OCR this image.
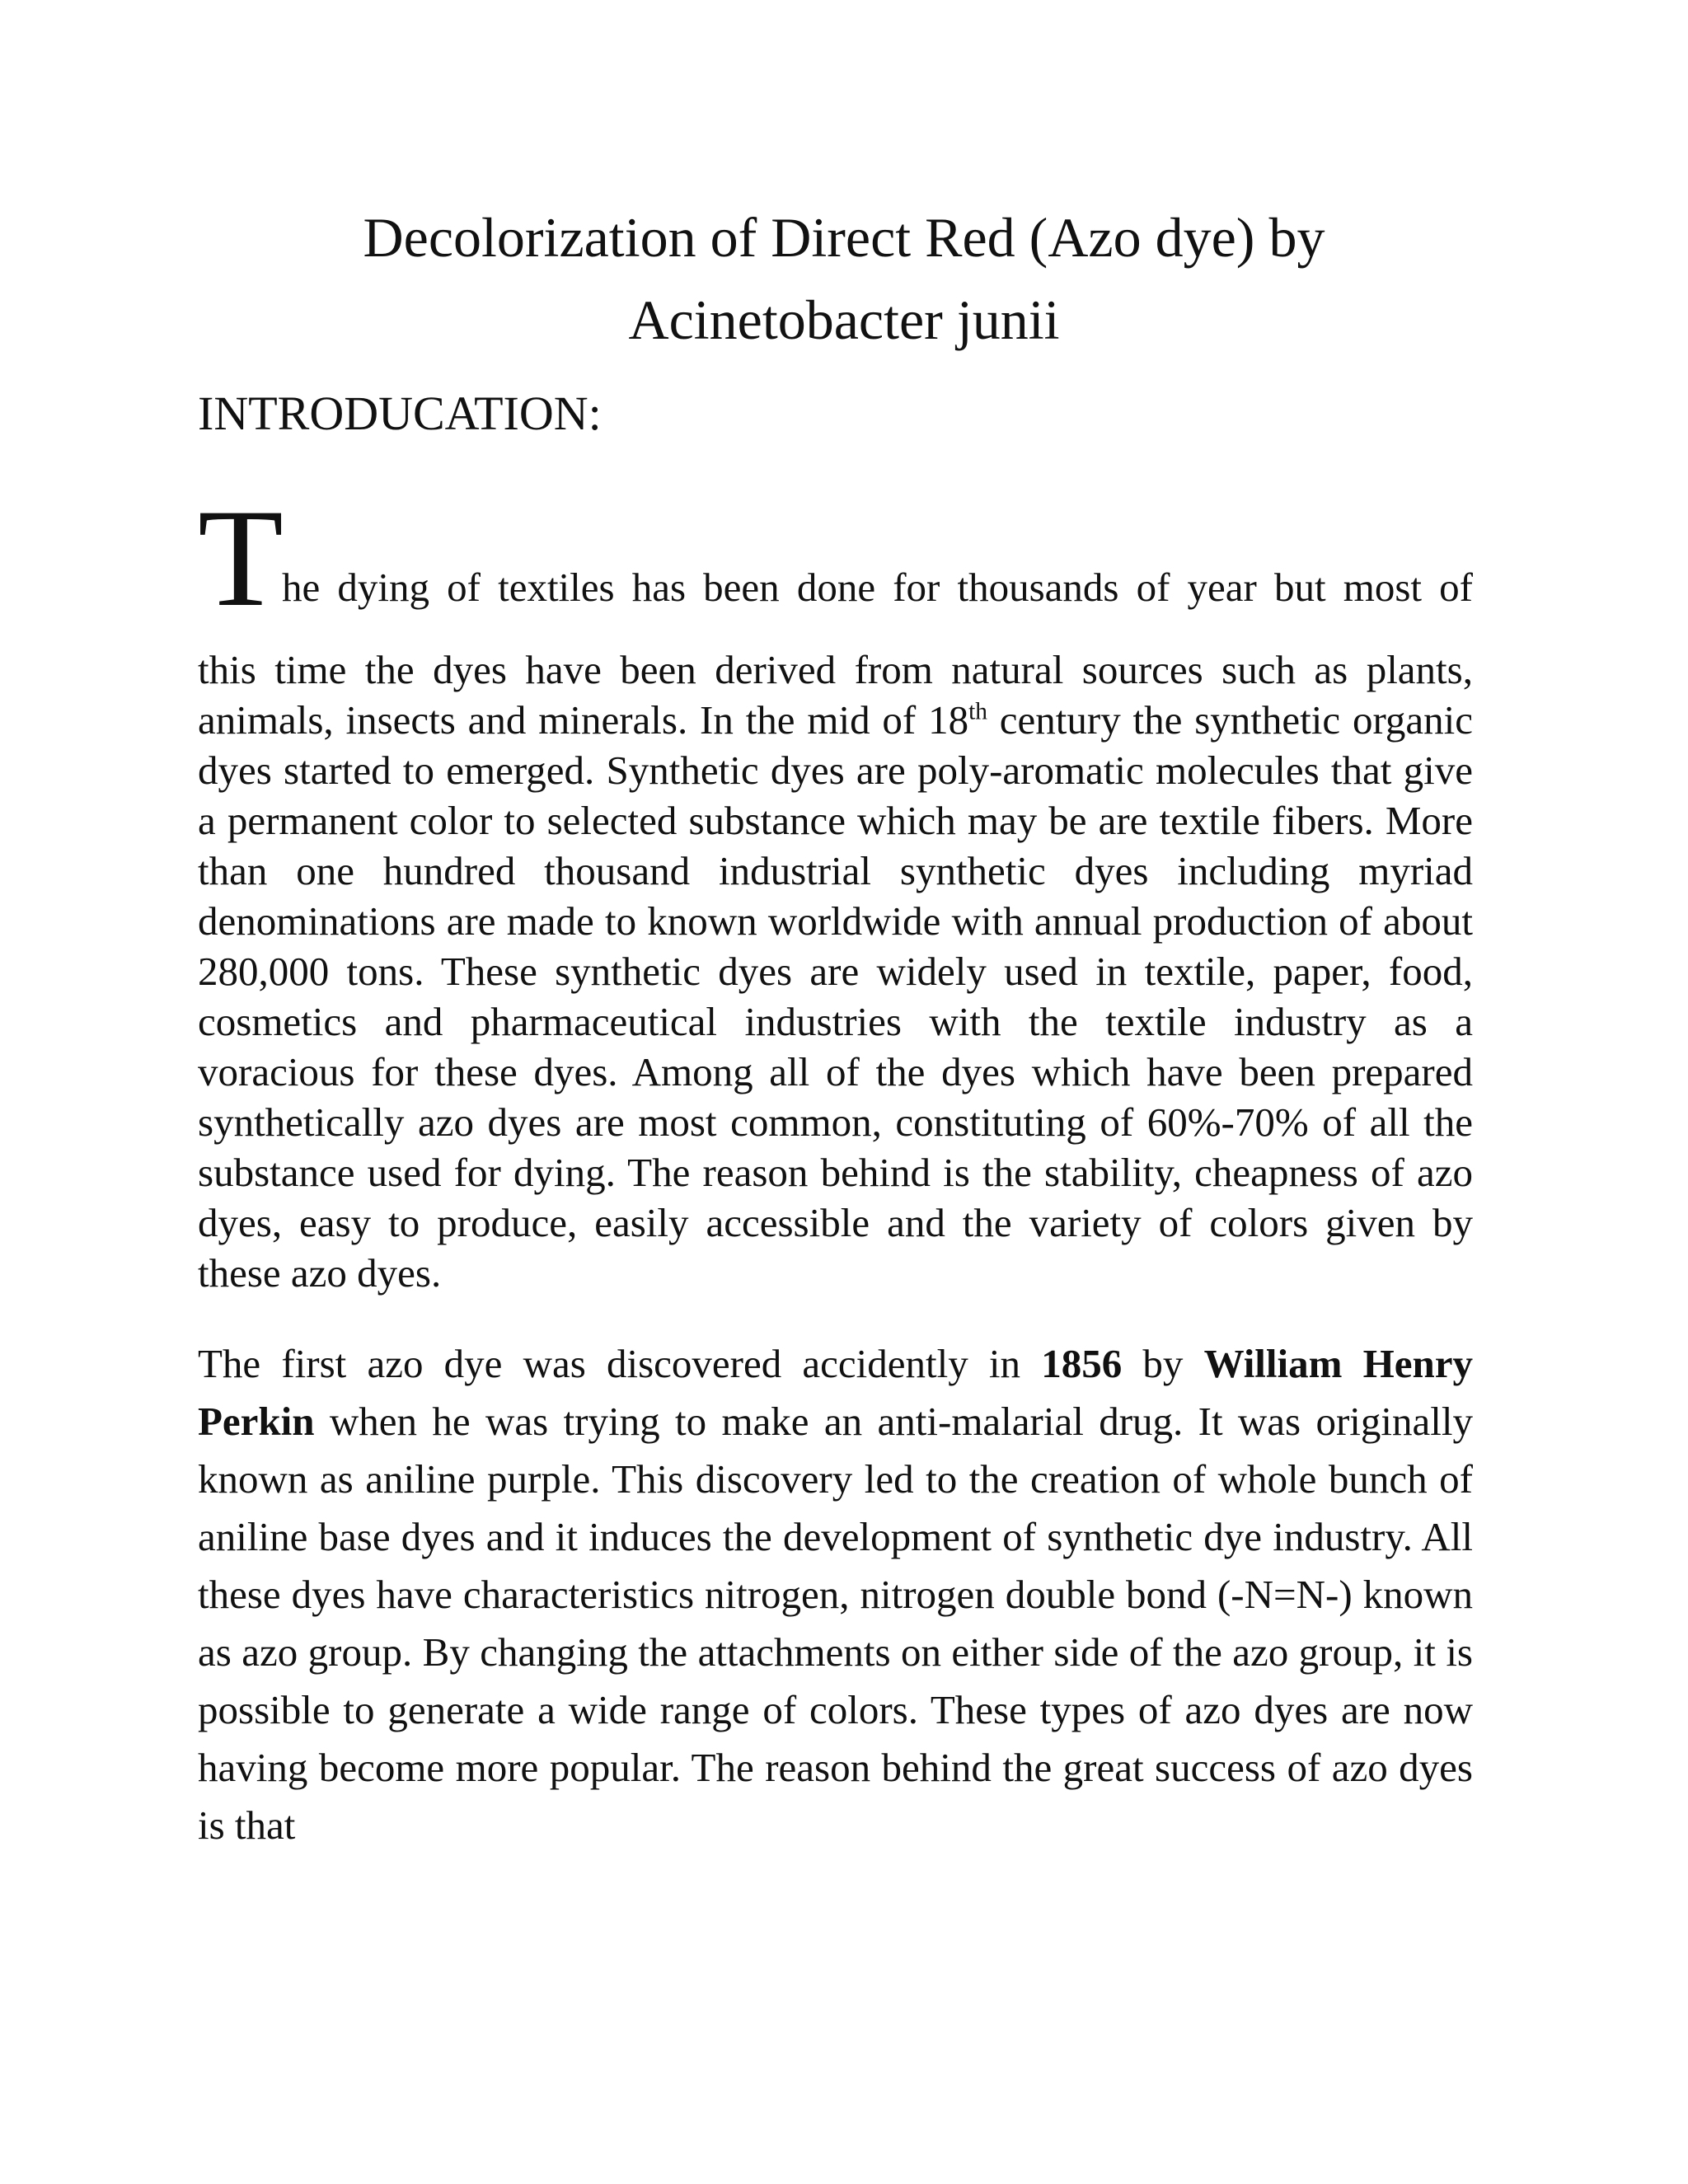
Decolorization of Direct Red (Azo dye) by
Acinetobacter junii
INTRODUCATION:

T
he dying of textiles has been done for thousands of year but most of
this time the dyes have been derived from natural sources such as plants, animals, insects and minerals. In the mid of 18th century the synthetic organic dyes started to emerged. Synthetic dyes are poly-aromatic molecules that give a permanent color to selected substance which may be are textile fibers. More than one hundred thousand industrial synthetic dyes including myriad denominations are made to known worldwide with annual production of about 280,000 tons. These synthetic dyes are widely used in textile, paper, food, cosmetics and pharmaceutical industries with the textile industry as a voracious for these dyes. Among all of the dyes which have been prepared synthetically azo dyes are most common, constituting of 60%-70% of all the substance used for dying. The reason behind is the stability, cheapness of azo dyes, easy to produce, easily accessible and the variety of colors given by these azo dyes.

The first azo dye was discovered accidently in 1856 by William Henry Perkin when he was trying to make an anti-malarial drug. It was originally known as aniline purple. This discovery led to the creation of whole bunch of aniline base dyes and it induces the development of synthetic dye industry. All these dyes have characteristics nitrogen, nitrogen double bond (-N=N-) known as azo group. By changing the attachments on either side of the azo group, it is possible to generate a wide range of colors. These types of azo dyes are now having become more popular. The reason behind the great success of azo dyes is that
